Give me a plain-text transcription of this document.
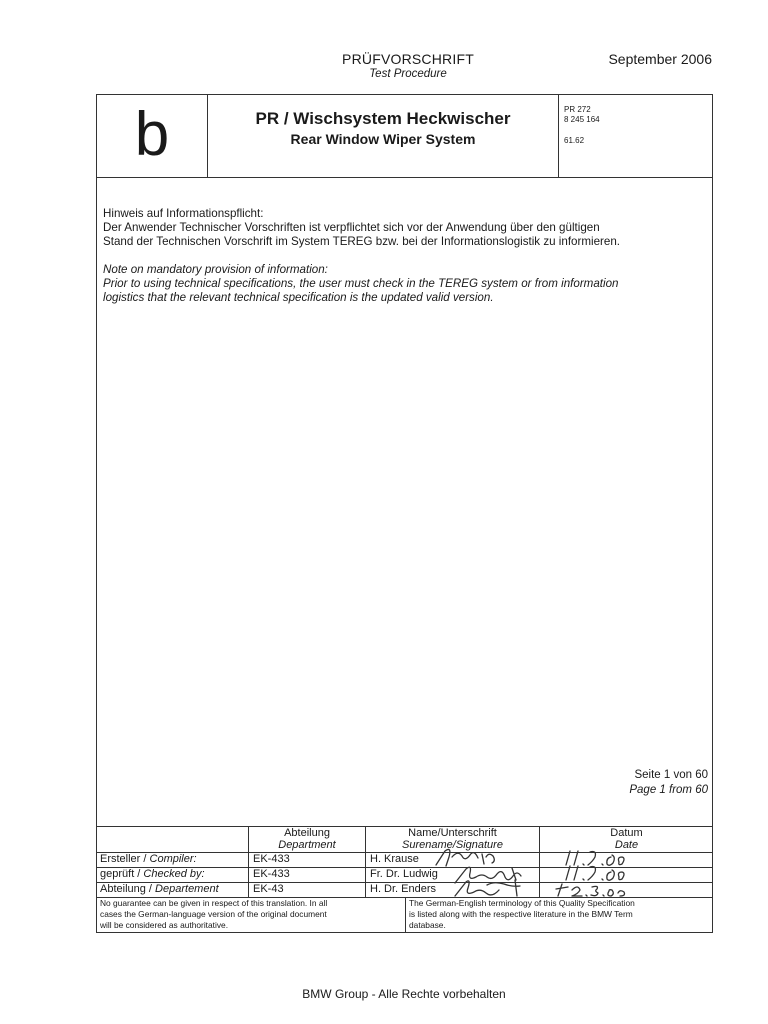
PRÜFVORSCHRIFT
Test Procedure
September 2006
b	PR / Wischsystem Heckwischer
Rear Window Wiper System
PR 272
8 245 164
61.62
Hinweis auf Informationspflicht:
Der Anwender Technischer Vorschriften ist verpflichtet sich vor der Anwendung über den gültigen
Stand der Technischen Vorschrift im System TEREG bzw. bei der Informationslogistik zu informieren.
Note on mandatory provision of information:
Prior to using technical specifications, the user must check in the TEREG system or from information
logistics that the relevant technical specification is the updated valid version.
Seite 1 von 60
Page 1 from 60
Abteilung
Department
Name/Unterschrift
Surename/Signature
Datum
Date
Ersteller / Compiler:	EK-433	H. Krause
geprüft / Checked by:	EK-433	Fr. Dr. Ludwig
Abteilung / Departement	EK-43	H. Dr. Enders
No guarantee can be given in respect of this translation. In all
cases the German-language version of the original document
will be considered as authoritative.
The German-English terminology of this Quality Specification
is listed along with the respective literature in the BMW Term
database.
BMW Group - Alle Rechte vorbehalten
